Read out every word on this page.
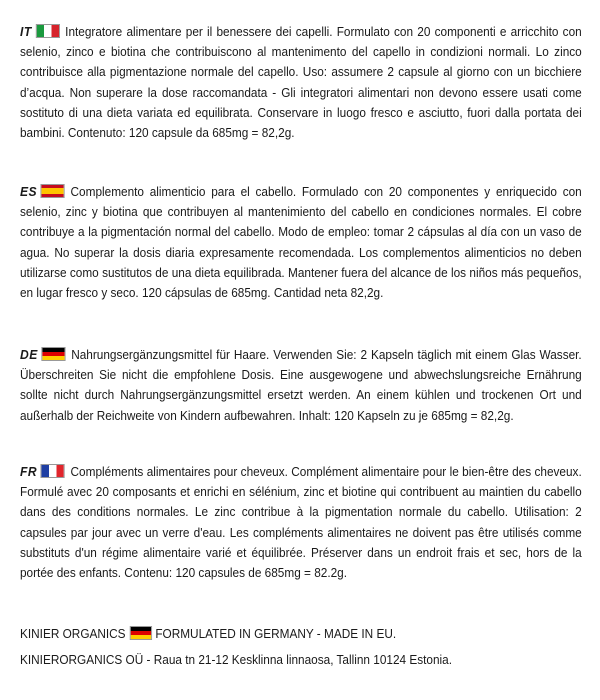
IT	Integratore alimentare per il benessere dei capelli. Formulato con 20 componenti e arricchito con selenio, zinco e biotina che contribuiscono al mantenimento del capello in condizioni normali. Lo zinco contribuisce alla pigmentazione normale del capello. Uso: assumere 2 capsule al giorno con un bicchiere d’acqua. Non superare la dose raccomandata - Gli integratori alimentari non devono essere usati come sostituto di una dieta variata ed equilibrata. Conservare in luogo fresco e asciutto, fuori dalla portata dei bambini. Contenuto: 120 capsule da 685mg = 82,2g.
ES	Complemento alimenticio para el cabello. Formulado con 20 componentes y enriquecido con selenio, zinc y biotina que contribuyen al mantenimiento del cabello en condiciones normales. El cobre contribuye a la pigmentación normal del cabello. Modo de empleo: tomar 2 cápsulas al día con un vaso de agua. No superar la dosis diaria expresamente recomendada. Los complementos alimenticios no deben utilizarse como sustitutos de una dieta equilibrada. Mantener fuera del alcance de los niños más pequeños, en lugar fresco y seco. 120 cápsulas de 685mg. Cantidad neta 82,2g.
DE	Nahrungsergänzungsmittel für Haare. Verwenden Sie: 2 Kapseln täglich mit einem Glas Wasser. Überschreiten Sie nicht die empfohlene Dosis. Eine ausgewogene und abwechslungsreiche Ernährung sollte nicht durch Nahrungsergänzungsmittel ersetzt werden. An einem kühlen und trockenen Ort und außerhalb der Reichweite von Kindern aufbewahren. Inhalt: 120 Kapseln zu je 685mg = 82,2g.
FR	Compléments alimentaires pour cheveux. Complément alimentaire pour le bien-être des cheveux. Formulé avec 20 composants et enrichi en sélénium, zinc et biotine qui contribuent au maintien du cabello dans des conditions normales. Le zinc contribue à la pigmentation normale du cabello. Utilisation: 2 capsules par jour avec un verre d'eau. Les compléments alimentaires ne doivent pas être utilisés comme substituts d'un régime alimentaire varié et équilibrée. Préserver dans un endroit frais et sec, hors de la portée des enfants. Contenu: 120 capsules de 685mg = 82.2g.
KINIER ORGANICS FORMULATED IN GERMANY - MADE IN EU.
KINIERORGANICS OÜ - Raua tn 21-12 Kesklinna linnaosa, Tallinn 10124 Estonia.
